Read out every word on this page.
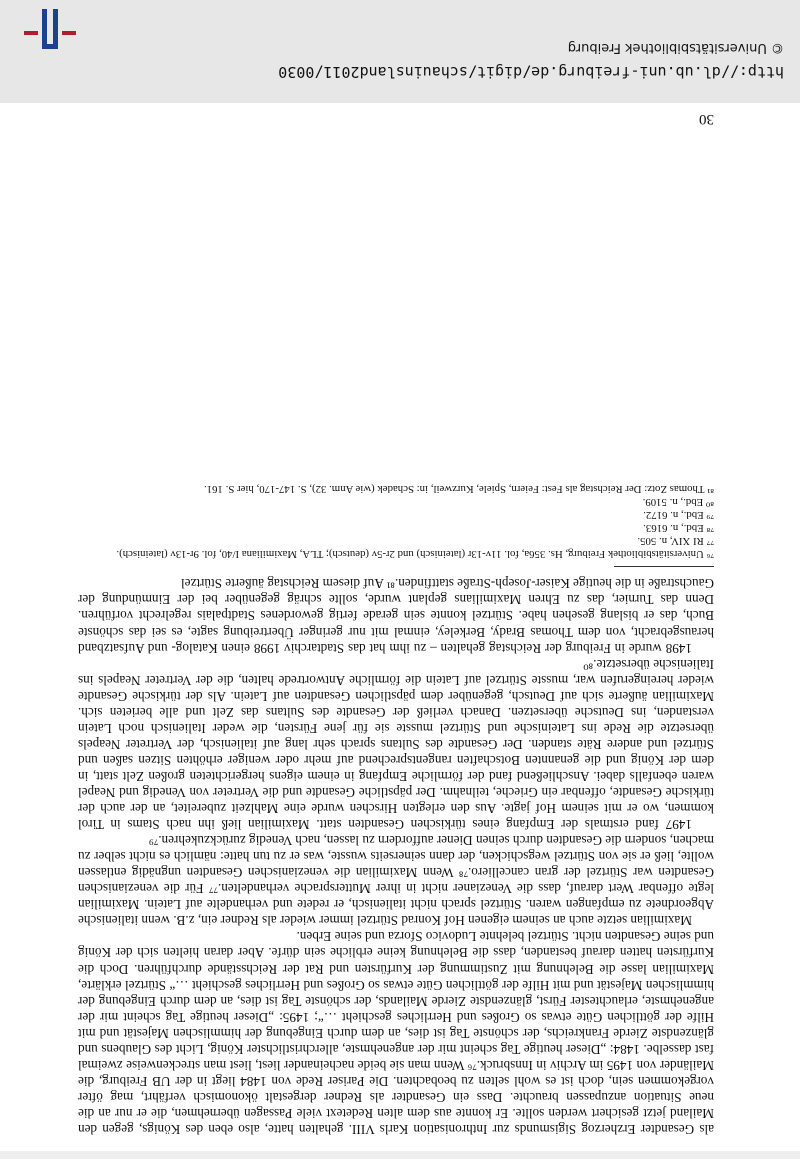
als Gesandter Erzherzog Sigismunds zur Inthronisation Karls VIII. gehalten hatte, also eben des Königs, gegen den Mailand jetzt gesichert werden sollte. Er konnte aus dem alten Redetext viele Passagen übernehmen, die er nur an die neue Situation anzupassen brauchte. Dass ein Gesandter als Redner dergestalt ökonomisch verfährt, mag öfter vorgekommen sein, doch ist es wohl selten zu beobachten. Die Pariser Rede von 1484 liegt in der UB Freiburg, die Mailänder von 1495 im Archiv in Innsbruck.⁷⁶ Wenn man sie beide nacheinander liest, liest man streckenweise zweimal fast dasselbe. 1484: „Dieser heutige Tag scheint mir der angenehmste, allerchristlichster König, Licht des Glaubens und glänzendste Zierde Frankreichs, der schönste Tag ist dies, an dem durch Eingebung der himmlischen Majestät und mit Hilfe der göttlichen Güte etwas so Großes und Herrliches geschieht …“; 1495: „Dieser heutige Tag scheint mir der angenehmste, erlauchtester Fürst, glänzendste Zierde Mailands, der schönste Tag ist dies, an dem durch Eingebung der himmlischen Majestät und mit Hilfe der göttlichen Güte etwas so Großes und Herrliches geschieht …“ Stürtzel erklärte, Maximilian lasse die Belehnung mit Zustimmung der Kurfürsten und Rat der Reichsstände durchführen. Doch die Kurfürsten hatten darauf bestanden, dass die Belehnung keine erbliche sein dürfe. Aber daran hielten sich der König und seine Gesandten nicht. Stürtzel belehnte Ludovico Sforza und seine Erben.

Maximilian setzte auch an seinem eigenen Hof Konrad Stürtzel immer wieder als Redner ein, z.B. wenn italienische Abgeordnete zu empfangen waren. Stürtzel sprach nicht italienisch, er redete und verhandelte auf Latein. Maximilian legte offenbar Wert darauf, dass die Venezianer nicht in ihrer Muttersprache verhandelten.⁷⁷ Für die venezianischen Gesandten war Stürtzel der gran cancelliero.⁷⁸ Wenn Maximilian die venezianischen Gesandten ungnädig entlassen wollte, ließ er sie von Stürtzel wegschicken, der dann seinerseits wusste, was er zu tun hatte: nämlich es nicht selber zu machen, sondern die Gesandten durch seinen Diener auffordern zu lassen, nach Venedig zurückzukehren.⁷⁹

1497 fand erstmals der Empfang eines türkischen Gesandten statt. Maximilian ließ ihn nach Stams in Tirol kommen, wo er mit seinem Hof jagte. Aus den erlegten Hirschen wurde eine Mahlzeit zubereitet, an der auch der türkische Gesandte, offenbar ein Grieche, teilnahm. Der päpstliche Gesandte und die Vertreter von Venedig und Neapel waren ebenfalls dabei. Anschließend fand der förmliche Empfang in einem eigens hergerichteten großen Zelt statt, in dem der König und die genannten Botschaften rangentsprechend auf mehr oder weniger erhöhten Sitzen saßen und Stürtzel und andere Räte standen. Der Gesandte des Sultans sprach sehr lang auf italienisch, der Vertreter Neapels übersetzte die Rede ins Lateinische und Stürtzel musste sie für jene Fürsten, die weder Italienisch noch Latein verstanden, ins Deutsche übersetzen. Danach verließ der Gesandte des Sultans das Zelt und alle berieten sich. Maximilian äußerte sich auf Deutsch, gegenüber dem päpstlichen Gesandten auf Latein. Als der türkische Gesandte wieder hereingerufen war, musste Stürtzel auf Latein die förmliche Antwortrede halten, die der Vertreter Neapels ins Italienische übersetzte.⁸⁰

1498 wurde in Freiburg der Reichstag gehalten – zu ihm hat das Stadtarchiv 1998 einen Katalog- und Aufsatzband herausgebracht, von dem Thomas Brady, Berkeley, einmal mit nur geringer Übertreibung sagte, es sei das schönste Buch, das er bislang gesehen habe. Stürtzel konnte sein gerade fertig gewordenes Stadtpalais regelrecht vorführen. Denn das Turnier, das zu Ehren Maximilians geplant wurde, sollte schräg gegenüber bei der Einmündung der Gauchstraße in die heutige Kaiser-Joseph-Straße stattfinden.⁸¹ Auf diesem Reichstag äußerte Stürtzel

⁷⁶ Universitätsbibliothek Freiburg, Hs. 356a, fol. 11v-13r (lateinisch) und 2r-5v (deutsch); TLA, Maximiliana I/40, fol. 9r-13v (lateinisch).

⁷⁷ RI XIV, n. 505.

⁷⁸ Ebd., n. 6163.

⁷⁹ Ebd., n. 6172.

⁸⁰ Ebd., n. 5109.

⁸¹ Thomas Zotz: Der Reichstag als Fest: Feiern, Spiele, Kurzweil, in: Schadek (wie Anm. 32), S. 147-170, hier S. 161.

30
http://dl.ub.uni-freiburg.de/digit/schauinsland2011/0030
© Universitätsbibliothek Freiburg
